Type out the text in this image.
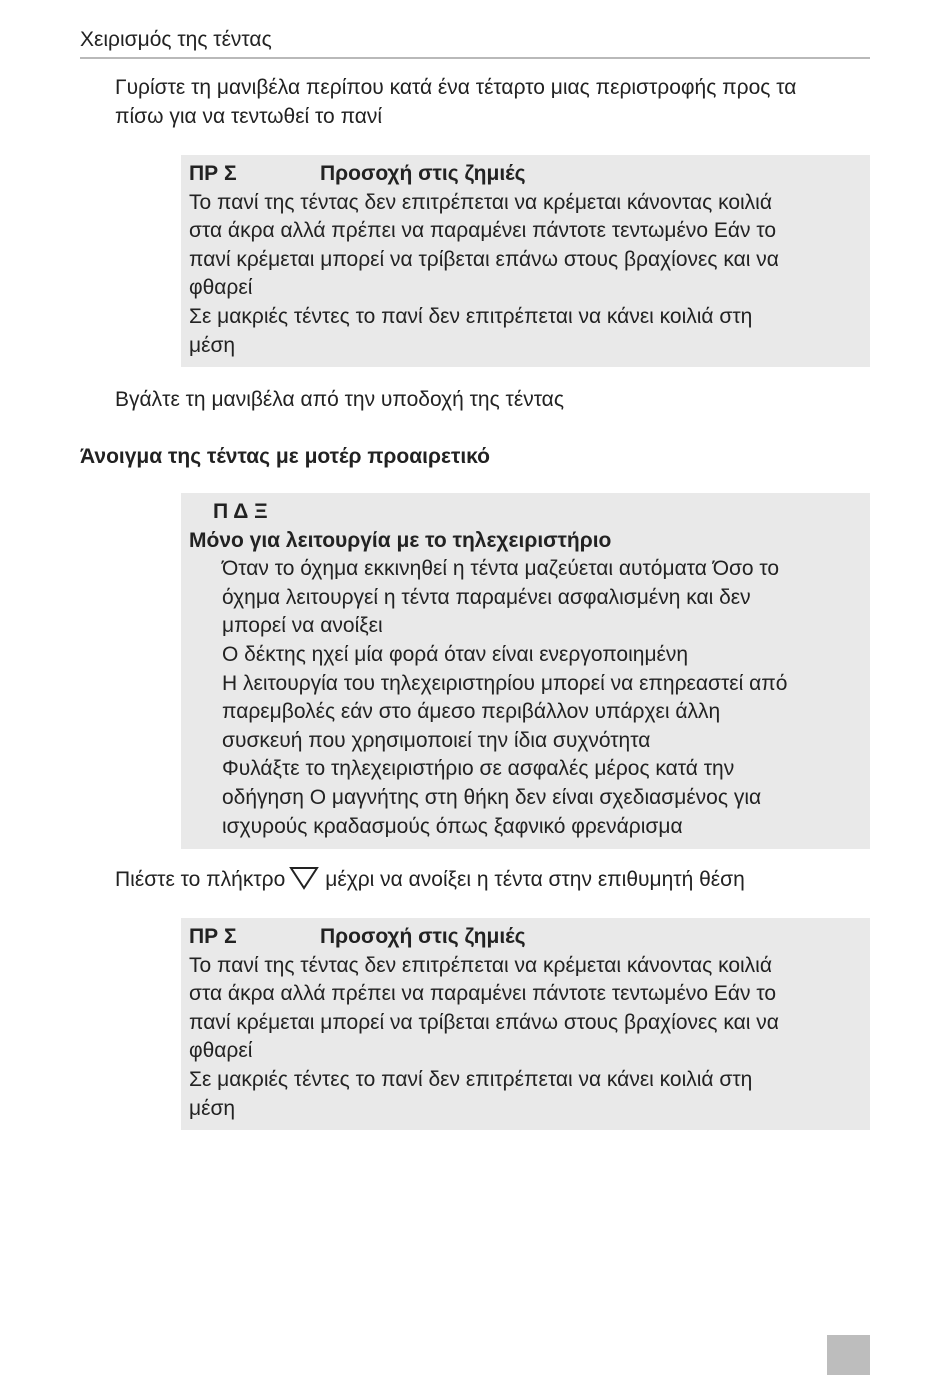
Χειρισμός της τέντας
Γυρίστε τη μανιβέλα περίπου κατά ένα τέταρτο μιας περιστροφής προς τα
πίσω για να τεντωθεί το πανί
ΠΡ Σ	Προσοχή στις ζημιές
Το πανί της τέντας δεν επιτρέπεται να κρέμεται κάνοντας κοιλιά
στα άκρα αλλά πρέπει να παραμένει πάντοτε τεντωμένο Εάν το
πανί κρέμεται μπορεί να τρίβεται επάνω στους βραχίονες και να
φθαρεί
Σε μακριές τέντες το πανί δεν επιτρέπεται να κάνει κοιλιά στη
μέση
Βγάλτε τη μανιβέλα από την υποδοχή της τέντας
Άνοιγμα της τέντας με μοτέρ προαιρετικό
Π Δ Ξ
Μόνο για λειτουργία με το τηλεχειριστήριο
Όταν το όχημα εκκινηθεί η τέντα μαζεύεται αυτόματα Όσο το
όχημα λειτουργεί η τέντα παραμένει ασφαλισμένη και δεν
μπορεί να ανοίξει
Ο δέκτης ηχεί μία φορά όταν είναι ενεργοποιημένη
Η λειτουργία του τηλεχειριστηρίου μπορεί να επηρεαστεί από
παρεμβολές εάν στο άμεσο περιβάλλον υπάρχει άλλη
συσκευή που χρησιμοποιεί την ίδια συχνότητα
Φυλάξτε το τηλεχειριστήριο σε ασφαλές μέρος κατά την
οδήγηση Ο μαγνήτης στη θήκη δεν είναι σχεδιασμένος για
ισχυρούς κραδασμούς όπως ξαφνικό φρενάρισμα
Πιέστε το πλήκτρο μέχρι να ανοίξει η τέντα στην επιθυμητή θέση
ΠΡ Σ	Προσοχή στις ζημιές
Το πανί της τέντας δεν επιτρέπεται να κρέμεται κάνοντας κοιλιά
στα άκρα αλλά πρέπει να παραμένει πάντοτε τεντωμένο Εάν το
πανί κρέμεται μπορεί να τρίβεται επάνω στους βραχίονες και να
φθαρεί
Σε μακριές τέντες το πανί δεν επιτρέπεται να κάνει κοιλιά στη
μέση
